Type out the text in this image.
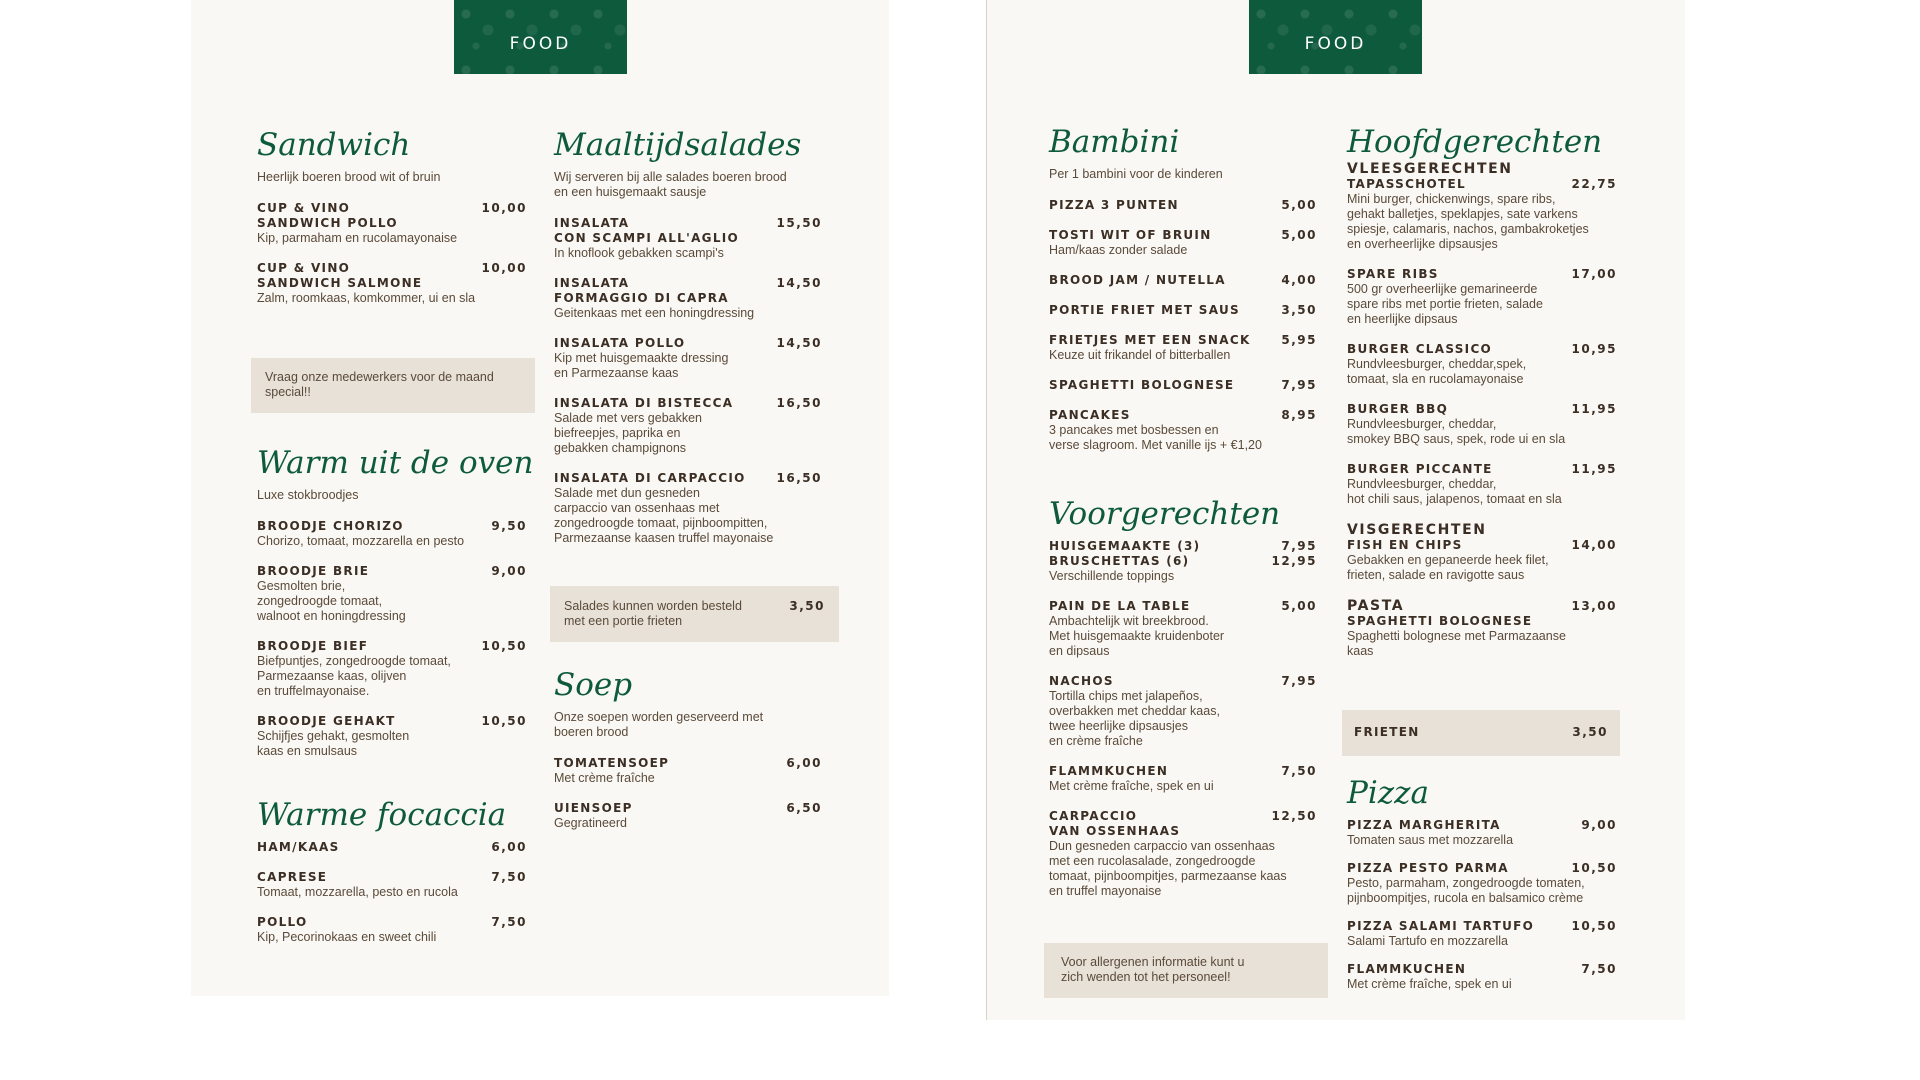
FOOD
Sandwich
Heerlijk boeren brood wit of bruin
CUP & VINO	10,00
SANDWICH POLLO
Kip, parmaham en rucolamayonaise
CUP & VINO	10,00
SANDWICH SALMONE
Zalm, roomkaas, komkommer, ui en sla
Vraag onze medewerkers voor de maand special!!
Warm uit de oven
Luxe stokbroodjes
BROODJE CHORIZO	9,50
Chorizo, tomaat, mozzarella en pesto
BROODJE BRIE	9,00
Gesmolten brie,
zongedroogde tomaat,
walnoot en honingdressing
BROODJE BIEF	10,50
Biefpuntjes, zongedroogde tomaat,
Parmezaanse kaas, olijven
en truffelmayonaise.
BROODJE GEHAKT	10,50
Schijfjes gehakt, gesmolten
kaas en smulsaus
Warme focaccia
HAM/KAAS	6,00
CAPRESE	7,50
Tomaat, mozzarella, pesto en rucola
POLLO	7,50
Kip, Pecorinokaas en sweet chili
Maaltijdsalades
Wij serveren bij alle salades boeren brood
en een huisgemaakt sausje
INSALATA	15,50
CON SCAMPI ALL'AGLIO
In knoflook gebakken scampi's
INSALATA	14,50
FORMAGGIO DI CAPRA
Geitenkaas met een honingdressing
INSALATA POLLO	14,50
Kip met huisgemaakte dressing
en Parmezaanse kaas
INSALATA DI BISTECCA	16,50
Salade met vers gebakken
biefreepjes, paprika en
gebakken champignons
INSALATA DI CARPACCIO	16,50
Salade met dun gesneden
carpaccio van ossenhaas met
zongedroogde tomaat, pijnboompitten,
Parmezaanse kaasen truffel mayonaise
Salades kunnen worden besteld
met een portie frieten
3,50
Soep
Onze soepen worden geserveerd met
boeren brood
TOMATENSOEP	6,00
Met crème fraîche
UIENSOEP	6,50
Gegratineerd
FOOD
Bambini
Per 1 bambini voor de kinderen
PIZZA 3 PUNTEN	5,00
TOSTI WIT OF BRUIN	5,00
Ham/kaas zonder salade
BROOD JAM / NUTELLA	4,00
PORTIE FRIET MET SAUS	3,50
FRIETJES MET EEN SNACK	5,95
Keuze uit frikandel of bitterballen
SPAGHETTI BOLOGNESE	7,95
PANCAKES	8,95
3 pancakes met bosbessen en
verse slagroom. Met vanille ijs + €1,20
Voorgerechten
HUISGEMAAKTE (3)	7,95
BRUSCHETTAS (6)	12,95
Verschillende toppings
PAIN DE LA TABLE	5,00
Ambachtelijk wit breekbrood.
Met huisgemaakte kruidenboter
en dipsaus
NACHOS	7,95
Tortilla chips met jalapeños,
overbakken met cheddar kaas,
twee heerlijke dipsausjes
en crème fraîche
FLAMMKUCHEN	7,50
Met crème fraîche, spek en ui
CARPACCIO	12,50
VAN OSSENHAAS
Dun gesneden carpaccio van ossenhaas
met een rucolasalade, zongedroogde
tomaat, pijnboompitjes, parmezaanse kaas
en truffel mayonaise
Voor allergenen informatie kunt u
zich wenden tot het personeel!
Hoofdgerechten
VLEESGERECHTEN
TAPASSCHOTEL	22,75
Mini burger, chickenwings, spare ribs,
gehakt balletjes, speklapjes, sate varkens
spiesje, calamaris, nachos, gambakroketjes
en overheerlijke dipsausjes
SPARE RIBS	17,00
500 gr overheerlijke gemarineerde
spare ribs met portie frieten, salade
en heerlijke dipsaus
BURGER CLASSICO	10,95
Rundvleesburger, cheddar,spek,
tomaat, sla en rucolamayonaise
BURGER BBQ	11,95
Rundvleesburger, cheddar,
smokey BBQ saus, spek, rode ui en sla
BURGER PICCANTE	11,95
Rundvleesburger, cheddar,
hot chili saus, jalapenos, tomaat en sla
VISGERECHTEN
FISH EN CHIPS	14,00
Gebakken en gepaneerde heek filet,
frieten, salade en ravigotte saus
PASTA	13,00
SPAGHETTI BOLOGNESE
Spaghetti bolognese met Parmazaanse
kaas
FRIETEN	3,50
Pizza
PIZZA MARGHERITA	9,00
Tomaten saus met mozzarella
PIZZA PESTO PARMA	10,50
Pesto, parmaham, zongedroogde tomaten,
pijnboompitjes, rucola en balsamico crème
PIZZA SALAMI TARTUFO	10,50
Salami Tartufo en mozzarella
FLAMMKUCHEN	7,50
Met crème fraîche, spek en ui
